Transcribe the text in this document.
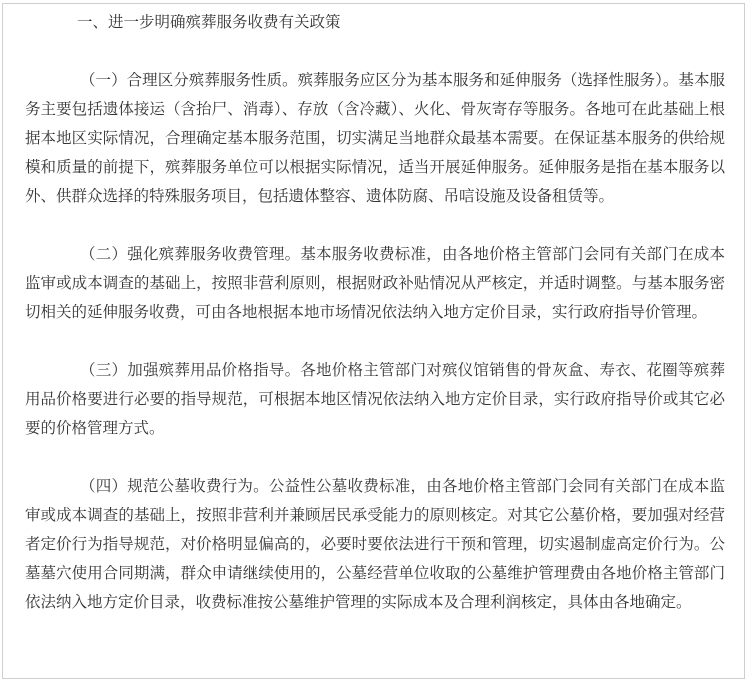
一、进一步明确殡葬服务收费有关政策

（一）合理区分殡葬服务性质。殡葬服务应区分为基本服务和延伸服务（选择性服务）。基本服务主要包括遗体接运（含抬尸、消毒）、存放（含冷藏）、火化、骨灰寄存等服务。各地可在此基础上根据本地区实际情况，合理确定基本服务范围，切实满足当地群众最基本需要。在保证基本服务的供给规模和质量的前提下，殡葬服务单位可以根据实际情况，适当开展延伸服务。延伸服务是指在基本服务以外、供群众选择的特殊服务项目，包括遗体整容、遗体防腐、吊唁设施及设备租赁等。

（二）强化殡葬服务收费管理。基本服务收费标准，由各地价格主管部门会同有关部门在成本监审或成本调查的基础上，按照非营利原则，根据财政补贴情况从严核定，并适时调整。与基本服务密切相关的延伸服务收费，可由各地根据本地市场情况依法纳入地方定价目录，实行政府指导价管理。

（三）加强殡葬用品价格指导。各地价格主管部门对殡仪馆销售的骨灰盒、寿衣、花圈等殡葬用品价格要进行必要的指导规范，可根据本地区情况依法纳入地方定价目录，实行政府指导价或其它必要的价格管理方式。

（四）规范公墓收费行为。公益性公墓收费标准，由各地价格主管部门会同有关部门在成本监审或成本调查的基础上，按照非营利并兼顾居民承受能力的原则核定。对其它公墓价格，要加强对经营者定价行为指导规范，对价格明显偏高的，必要时要依法进行干预和管理，切实遏制虚高定价行为。公墓墓穴使用合同期满，群众申请继续使用的，公墓经营单位收取的公墓维护管理费由各地价格主管部门依法纳入地方定价目录，收费标准按公墓维护管理的实际成本及合理利润核定，具体由各地确定。
